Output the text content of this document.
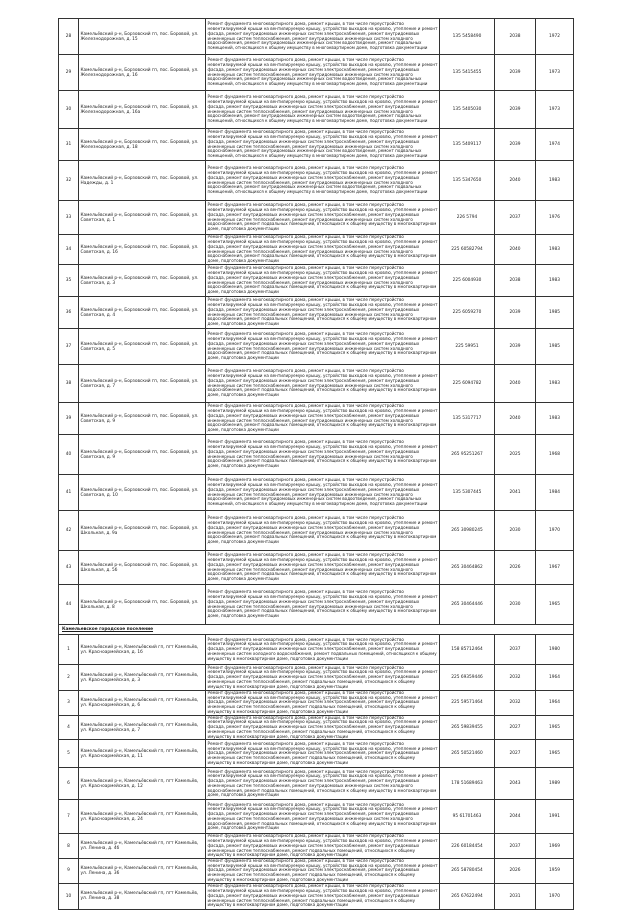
28	Камельёвский р-н, Борзовский гп, пос. Боровой, ул. Железнодорожная, д. 15	Ремонт фундамента многоквартирного дома, ремонт крыши, в том числе переустройство невентилируемой крыши на вентилируемую крышу, устройство выходов на кровлю, утепление и ремонт фасада, ремонт внутридомовых инженерных систем электроснабжения, ремонт внутридомовых инженерных систем теплоснабжения, ремонт внутридомовых инженерных систем холодного водоснабжения, ремонт внутридомовых инженерных систем водоотведения, ремонт подвальных помещений, относящихся к общему имуществу в многоквартирном доме, подготовка документации	135 5458490	2038	1972
29	Камельёвский р-н, Борзовский гп, пос. Боровой, ул. Железнодорожная, д. 16	Ремонт фундамента многоквартирного дома, ремонт крыши, в том числе переустройство невентилируемой крыши на вентилируемую крышу, устройство выходов на кровлю, утепление и ремонт фасада, ремонт внутридомовых инженерных систем электроснабжения, ремонт внутридомовых инженерных систем теплоснабжения, ремонт внутридомовых инженерных систем холодного водоснабжения, ремонт внутридомовых инженерных систем водоотведения, ремонт подвальных помещений, относящихся к общему имуществу в многоквартирном доме, подготовка документации	135 5415455	2039	1973
30	Камельёвский р-н, Борзовский гп, пос. Боровой, ул. Железнодорожная, д. 16а	Ремонт фундамента многоквартирного дома, ремонт крыши, в том числе переустройство невентилируемой крыши на вентилируемую крышу, устройство выходов на кровлю, утепление и ремонт фасада, ремонт внутридомовых инженерных систем электроснабжения, ремонт внутридомовых инженерных систем теплоснабжения, ремонт внутридомовых инженерных систем холодного водоснабжения, ремонт внутридомовых инженерных систем водоотведения, ремонт подвальных помещений, относящихся к общему имуществу в многоквартирном доме, подготовка документации	135 5405030	2039	1973
31	Камельёвский р-н, Борзовский гп, пос. Боровой, ул. Железнодорожная, д. 18	Ремонт фундамента многоквартирного дома, ремонт крыши, в том числе переустройство невентилируемой крыши на вентилируемую крышу, устройство выходов на кровлю, утепление и ремонт фасада, ремонт внутридомовых инженерных систем электроснабжения, ремонт внутридомовых инженерных систем теплоснабжения, ремонт внутридомовых инженерных систем холодного водоснабжения, ремонт внутридомовых инженерных систем водоотведения, ремонт подвальных помещений, относящихся к общему имуществу в многоквартирном доме, подготовка документации	135 5409117	2039	1974
32	Камельёвский р-н, Борзовский гп, пос. Боровой, ул. Надежды, д. 1	Ремонт фундамента многоквартирного дома, ремонт крыши, в том числе переустройство невентилируемой крыши на вентилируемую крышу, устройство выходов на кровлю, утепление и ремонт фасада, ремонт внутридомовых инженерных систем электроснабжения, ремонт внутридомовых инженерных систем теплоснабжения, ремонт внутридомовых инженерных систем холодного водоснабжения, ремонт внутридомовых инженерных систем водоотведения, ремонт подвальных помещений, относящихся к общему имуществу в многоквартирном доме, подготовка документации	135 5347650	2040	1983
33	Камельёвский р-н, Борзовский гп, пос. Боровой, ул. Советская, д. 1	Ремонт фундамента многоквартирного дома, ремонт крыши, в том числе переустройство невентилируемой крыши на вентилируемую крышу, устройство выходов на кровлю, утепление и ремонт фасада, ремонт внутридомовых инженерных систем электроснабжения, ремонт внутридомовых инженерных систем теплоснабжения, ремонт внутридомовых инженерных систем холодного водоснабжения, ремонт подвальных помещений, относящихся к общему имуществу в многоквартирном доме, подготовка документации	226 5794	2037	1976
34	Камельёвский р-н, Борзовский гп, пос. Боровой, ул. Советская, д. 16	Ремонт фундамента многоквартирного дома, ремонт крыши, в том числе переустройство невентилируемой крыши на вентилируемую крышу, устройство выходов на кровлю, утепление и ремонт фасада, ремонт внутридомовых инженерных систем электроснабжения, ремонт внутридомовых инженерных систем теплоснабжения, ремонт внутридомовых инженерных систем холодного водоснабжения, ремонт подвальных помещений, относящихся к общему имуществу в многоквартирном доме, подготовка документации	225 60582794	2040	1983
35	Камельёвский р-н, Борзовский гп, пос. Боровой, ул. Советская, д. 3	Ремонт фундамента многоквартирного дома, ремонт крыши, в том числе переустройство невентилируемой крыши на вентилируемую крышу, устройство выходов на кровлю, утепление и ремонт фасада, ремонт внутридомовых инженерных систем электроснабжения, ремонт внутридомовых инженерных систем теплоснабжения, ремонт внутридомовых инженерных систем холодного водоснабжения, ремонт подвальных помещений, относящихся к общему имуществу в многоквартирном доме, подготовка документации	225 6004930	2038	1983
36	Камельёвский р-н, Борзовский гп, пос. Боровой, ул. Советская, д. 4	Ремонт фундамента многоквартирного дома, ремонт крыши, в том числе переустройство невентилируемой крыши на вентилируемую крышу, устройство выходов на кровлю, утепление и ремонт фасада, ремонт внутридомовых инженерных систем электроснабжения, ремонт внутридомовых инженерных систем теплоснабжения, ремонт внутридомовых инженерных систем холодного водоснабжения, ремонт подвальных помещений, относящихся к общему имуществу в многоквартирном доме, подготовка документации	225 6059270	2039	1985
37	Камельёвский р-н, Борзовский гп, пос. Боровой, ул. Советская, д. 5	Ремонт фундамента многоквартирного дома, ремонт крыши, в том числе переустройство невентилируемой крыши на вентилируемую крышу, устройство выходов на кровлю, утепление и ремонт фасада, ремонт внутридомовых инженерных систем электроснабжения, ремонт внутридомовых инженерных систем теплоснабжения, ремонт внутридомовых инженерных систем холодного водоснабжения, ремонт подвальных помещений, относящихся к общему имуществу в многоквартирном доме, подготовка документации	225 59951	2039	1985
38	Камельёвский р-н, Борзовский гп, пос. Боровой, ул. Советская, д. 7	Ремонт фундамента многоквартирного дома, ремонт крыши, в том числе переустройство невентилируемой крыши на вентилируемую крышу, устройство выходов на кровлю, утепление и ремонт фасада, ремонт внутридомовых инженерных систем электроснабжения, ремонт внутридомовых инженерных систем теплоснабжения, ремонт внутридомовых инженерных систем холодного водоснабжения, ремонт подвальных помещений, относящихся к общему имуществу в многоквартирном доме, подготовка документации	225 6094782	2040	1983
39	Камельёвский р-н, Борзовский гп, пос. Боровой, ул. Советская, д. 9	Ремонт фундамента многоквартирного дома, ремонт крыши, в том числе переустройство невентилируемой крыши на вентилируемую крышу, устройство выходов на кровлю, утепление и ремонт фасада, ремонт внутридомовых инженерных систем электроснабжения, ремонт внутридомовых инженерных систем теплоснабжения, ремонт внутридомовых инженерных систем холодного водоснабжения, ремонт подвальных помещений, относящихся к общему имуществу в многоквартирном доме, подготовка документации	135 5317717	2040	1983
40	Камельёвский р-н, Борзовский гп, пос. Боровой, ул. Советская, д. 9	Ремонт фундамента многоквартирного дома, ремонт крыши, в том числе переустройство невентилируемой крыши на вентилируемую крышу, устройство выходов на кровлю, утепление и ремонт фасада, ремонт внутридомовых инженерных систем электроснабжения, ремонт внутридомовых инженерных систем теплоснабжения, ремонт внутридомовых инженерных систем холодного водоснабжения, ремонт подвальных помещений, относящихся к общему имуществу в многоквартирном доме, подготовка документации	265 95251267	2025	1968
41	Камельёвский р-н, Борзовский гп, пос. Боровой, ул. Советская, д. 10	Ремонт фундамента многоквартирного дома, ремонт крыши, в том числе переустройство невентилируемой крыши на вентилируемую крышу, устройство выходов на кровлю, утепление и ремонт фасада, ремонт внутридомовых инженерных систем электроснабжения, ремонт внутридомовых инженерных систем теплоснабжения, ремонт внутридомовых инженерных систем холодного водоснабжения, ремонт внутридомовых инженерных систем водоотведения, ремонт подвальных помещений, относящихся к общему имуществу в многоквартирном доме, подготовка документации	135 5307445	2041	1984
42	Камельёвский р-н, Борзовский гп, пос. Боровой, ул. Школьная, д. 9а	Ремонт фундамента многоквартирного дома, ремонт крыши, в том числе переустройство невентилируемой крыши на вентилируемую крышу, устройство выходов на кровлю, утепление и ремонт фасада, ремонт внутридомовых инженерных систем электроснабжения, ремонт внутридомовых инженерных систем теплоснабжения, ремонт внутридомовых инженерных систем холодного водоснабжения, ремонт подвальных помещений, относящихся к общему имуществу в многоквартирном доме, подготовка документации	265 30980245	2030	1970
43	Камельёвский р-н, Борзовский гп, пос. Боровой, ул. Школьная, д. 5б	Ремонт фундамента многоквартирного дома, ремонт крыши, в том числе переустройство невентилируемой крыши на вентилируемую крышу, устройство выходов на кровлю, утепление и ремонт фасада, ремонт внутридомовых инженерных систем электроснабжения, ремонт внутридомовых инженерных систем теплоснабжения, ремонт внутридомовых инженерных систем холодного водоснабжения, ремонт подвальных помещений, относящихся к общему имуществу в многоквартирном доме, подготовка документации	265 30464862	2026	1967
44	Камельёвский р-н, Борзовский гп, пос. Боровой, ул. Школьная, д. 8	Ремонт фундамента многоквартирного дома, ремонт крыши, в том числе переустройство невентилируемой крыши на вентилируемую крышу, устройство выходов на кровлю, утепление и ремонт фасада, ремонт внутридомовых инженерных систем электроснабжения, ремонт внутридомовых инженерных систем теплоснабжения, ремонт внутридомовых инженерных систем холодного водоснабжения, ремонт подвальных помещений, относящихся к общему имуществу в многоквартирном доме, подготовка документации	265 30464446	2030	1965
Камельевское городское поселение					
1	Камельёвский р-н, Камельёвский гп, пгт Камельёв, ул. Красноармейская, д. 1б	Ремонт фундамента многоквартирного дома, ремонт крыши, в том числе переустройство невентилируемой крыши на вентилируемую крышу, устройство выходов на кровлю, утепление и ремонт фасада, ремонт внутридомовых инженерных систем электроснабжения, ремонт внутридомовых инженерных систем холодного водоснабжения, ремонт подвальных помещений, относящихся к общему имуществу в многоквартирном доме, подготовка документации	158 85712464	2037	1980
2	Камельёвский р-н, Камельёвский гп, пгт Камельёв, ул. Красноармейская, д. 3	Ремонт фундамента многоквартирного дома, ремонт крыши, в том числе переустройство невентилируемой крыши на вентилируемую крышу, устройство выходов на кровлю, утепление и ремонт фасада, ремонт внутридомовых инженерных систем электроснабжения, ремонт внутридомовых инженерных систем теплоснабжения, ремонт подвальных помещений, относящихся к общему имуществу в многоквартирном доме, подготовка документации	225 69359446	2032	1964
3	Камельёвский р-н, Камельёвский гп, пгт Камельёв, ул. Красноармейская, д. 6	Ремонт фундамента многоквартирного дома, ремонт крыши, в том числе переустройство невентилируемой крыши на вентилируемую крышу, устройство выходов на кровлю, утепление и ремонт фасада, ремонт внутридомовых инженерных систем электроснабжения, ремонт внутридомовых инженерных систем теплоснабжения, ремонт подвальных помещений, относящихся к общему имуществу в многоквартирном доме, подготовка документации	225 59571464	2032	1964
4	Камельёвский р-н, Камельёвский гп, пгт Камельёв, ул. Красноармейская, д. 7	Ремонт фундамента многоквартирного дома, ремонт крыши, в том числе переустройство невентилируемой крыши на вентилируемую крышу, устройство выходов на кровлю, утепление и ремонт фасада, ремонт внутридомовых инженерных систем электроснабжения, ремонт внутридомовых инженерных систем теплоснабжения, ремонт подвальных помещений, относящихся к общему имуществу в многоквартирном доме, подготовка документации	265 59839455	2027	1965
5	Камельёвский р-н, Камельёвский гп, пгт Камельёв, ул. Красноармейская, д. 11	Ремонт фундамента многоквартирного дома, ремонт крыши, в том числе переустройство невентилируемой крыши на вентилируемую крышу, устройство выходов на кровлю, утепление и ремонт фасада, ремонт внутридомовых инженерных систем электроснабжения, ремонт внутридомовых инженерных систем теплоснабжения, ремонт подвальных помещений, относящихся к общему имуществу в многоквартирном доме, подготовка документации	265 50521460	2027	1965
6	Камельёвский р-н, Камельёвский гп, пгт Камельёв, ул. Красноармейская, д. 12	Ремонт фундамента многоквартирного дома, ремонт крыши, в том числе переустройство невентилируемой крыши на вентилируемую крышу, устройство выходов на кровлю, утепление и ремонт фасада, ремонт внутридомовых инженерных систем электроснабжения, ремонт внутридомовых инженерных систем теплоснабжения, ремонт внутридомовых инженерных систем холодного водоснабжения, ремонт подвальных помещений, относящихся к общему имуществу в многоквартирном доме, подготовка документации	178 51689463	2043	1989
7	Камельёвский р-н, Камельёвский гп, пгт Камельёв, ул. Красноармейская, д. 24	Ремонт фундамента многоквартирного дома, ремонт крыши, в том числе переустройство невентилируемой крыши на вентилируемую крышу, устройство выходов на кровлю, утепление и ремонт фасада, ремонт внутридомовых инженерных систем электроснабжения, ремонт внутридомовых инженерных систем теплоснабжения, ремонт внутридомовых инженерных систем холодного водоснабжения, ремонт подвальных помещений, относящихся к общему имуществу в многоквартирном доме, подготовка документации	95 61701463	2044	1991
8	Камельёвский р-н, Камельёвский гп, пгт Камельёв, ул. Ленина, д. 4б	Ремонт фундамента многоквартирного дома, ремонт крыши, в том числе переустройство невентилируемой крыши на вентилируемую крышу, устройство выходов на кровлю, утепление и ремонт фасада, ремонт внутридомовых инженерных систем электроснабжения, ремонт внутридомовых инженерных систем теплоснабжения, ремонт подвальных помещений, относящихся к общему имуществу в многоквартирном доме, подготовка документации	226 60184454	2037	1969
9	Камельёвский р-н, Камельёвский гп, пгт Камельёв, ул. Ленина, д. 36	Ремонт фундамента многоквартирного дома, ремонт крыши, в том числе переустройство невентилируемой крыши на вентилируемую крышу, устройство выходов на кровлю, утепление и ремонт фасада, ремонт внутридомовых инженерных систем электроснабжения, ремонт внутридомовых инженерных систем теплоснабжения, ремонт подвальных помещений, относящихся к общему имуществу в многоквартирном доме, подготовка документации	265 58780454	2026	1959
10	Камельёвский р-н, Камельёвский гп, пгт Камельёв, ул. Ленина, д. 38	Ремонт фундамента многоквартирного дома, ремонт крыши, в том числе переустройство невентилируемой крыши на вентилируемую крышу, устройство выходов на кровлю, утепление и ремонт фасада, ремонт внутридомовых инженерных систем электроснабжения, ремонт внутридомовых инженерных систем теплоснабжения, ремонт подвальных помещений, относящихся к общему имуществу в многоквартирном доме, подготовка документации	265 67622494	2031	1970
